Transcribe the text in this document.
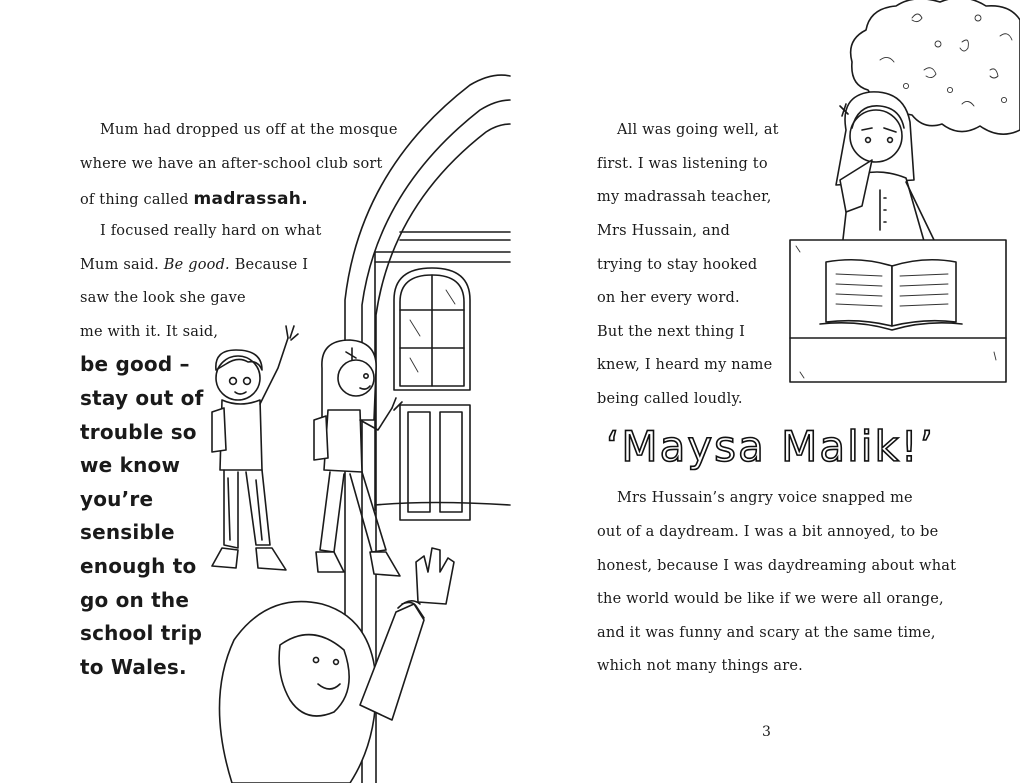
Mum had dropped us off at the mosque
where we have an after-school club sort
of thing called madrassah.
I focused really hard on what
Mum said. Be good. Because I
saw the look she gave
me with it. It said,
be good –
stay out of
trouble so
we know
you’re
sensible
enough to
go on the
school trip
to Wales.
All was going well, at
first. I was listening to
my madrassah teacher,
Mrs Hussain, and
trying to stay hooked
on her every word.
But the next thing I
knew, I heard my name
being called loudly.
‘Maysa Malik!’
Mrs Hussain’s angry voice snapped me
out of a daydream. I was a bit annoyed, to be
honest, because I was daydreaming about what
the world would be like if we were all orange,
and it was funny and scary at the same time,
which not many things are.
3
